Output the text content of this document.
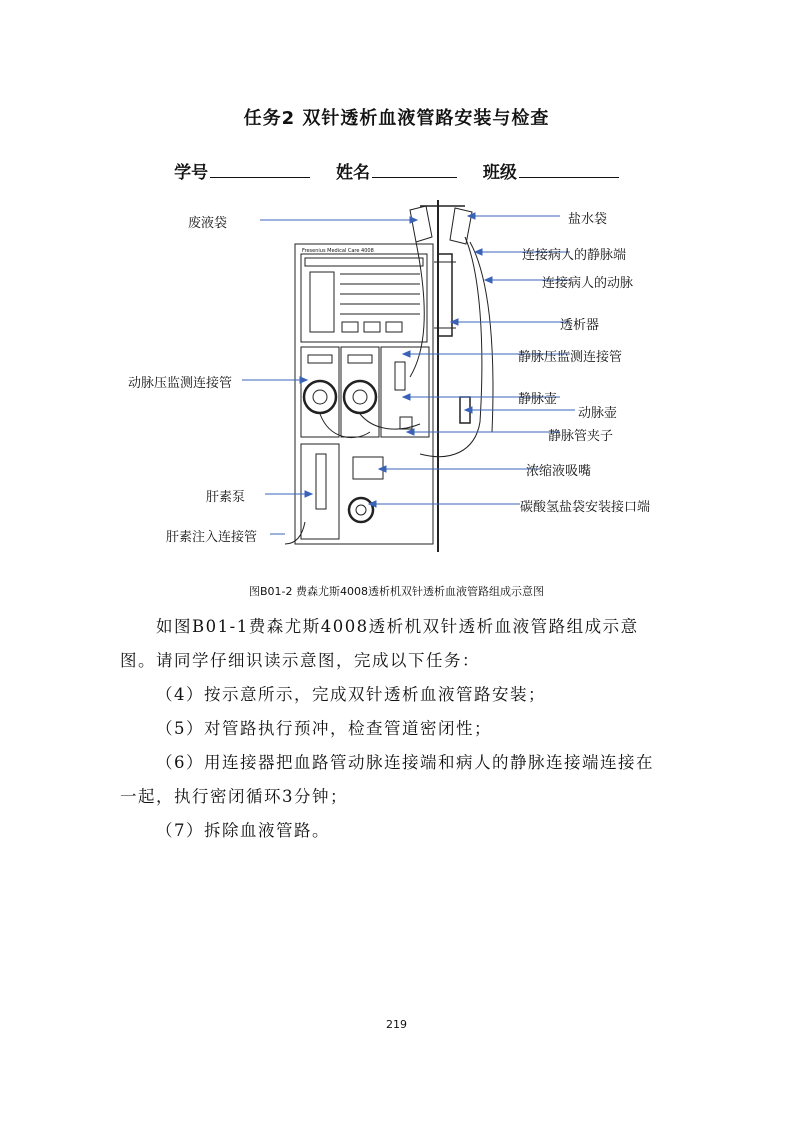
任务2 双针透析血液管路安装与检查
学号	姓名	班级
废液袋	盐水袋
连接病人的静脉端
连接病人的动脉
透析器
静脉压监测连接管
动脉压监测连接管
静脉壶
动脉壶
静脉管夹子
浓缩液吸嘴
肝素泵
碳酸氢盐袋安装接口端
肝素注入连接管
Fresenius Medical Care 4008
图B01-2 费森尤斯4008透析机双针透析血液管路组成示意图
如图B01-1费森尤斯4008透析机双针透析血液管路组成示意图。请同学仔细识读示意图，完成以下任务：
（4）按示意所示，完成双针透析血液管路安装；
（5）对管路执行预冲，检查管道密闭性；
（6）用连接器把血路管动脉连接端和病人的静脉连接端连接在一起，执行密闭循环3分钟；
（7）拆除血液管路。
219
